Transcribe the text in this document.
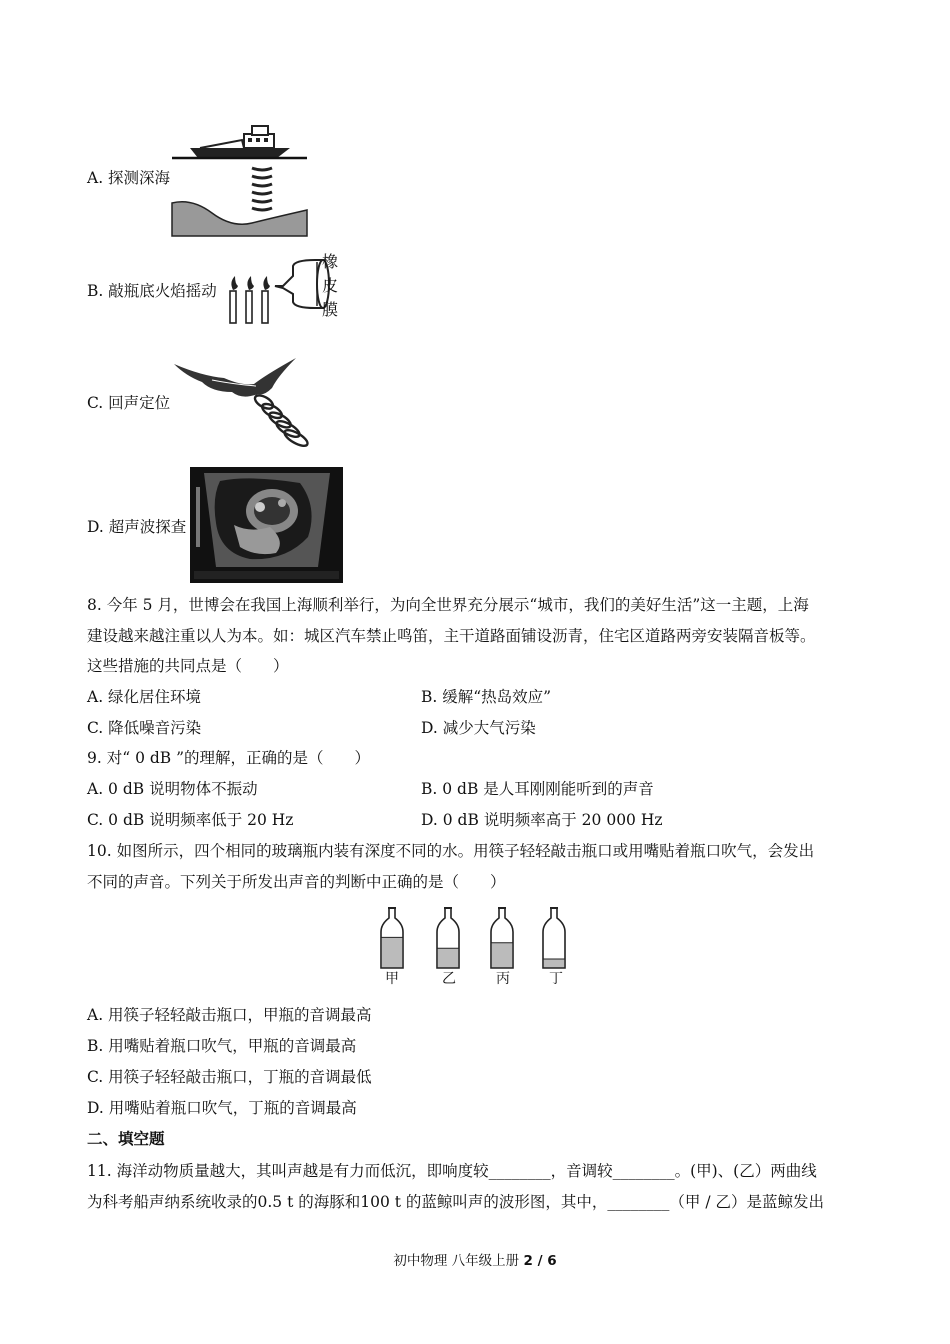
A. 探测深海
B. 敲瓶底火焰摇动
橡 皮 膜
C. 回声定位
D. 超声波探查
8. 今年 5 月，世博会在我国上海顺利举行，为向全世界充分展示“城市，我们的美好生活”这一主题，上海
建设越来越注重以人为本。如：城区汽车禁止鸣笛，主干道路面铺设沥青，住宅区道路两旁安装隔音板等。
这些措施的共同点是（　　）
A. 绿化居住环境	B. 缓解“热岛效应”
C. 降低噪音污染	D. 减少大气污染
9. 对“ 0 dB ”的理解，正确的是（　　）
A. 0 dB 说明物体不振动	B. 0 dB 是人耳刚刚能听到的声音
C. 0 dB 说明频率低于 20 Hz	D. 0 dB 说明频率高于 20 000 Hz
10. 如图所示，四个相同的玻璃瓶内装有深度不同的水。用筷子轻轻敲击瓶口或用嘴贴着瓶口吹气，会发出
不同的声音。下列关于所发出声音的判断中正确的是（　　）
甲	乙	丙	丁
A. 用筷子轻轻敲击瓶口，甲瓶的音调最高
B. 用嘴贴着瓶口吹气，甲瓶的音调最高
C. 用筷子轻轻敲击瓶口，丁瓶的音调最低
D. 用嘴贴着瓶口吹气，丁瓶的音调最高
二、填空题
11. 海洋动物质量越大，其叫声越是有力而低沉，即响度较________，音调较________。(甲)、(乙）两曲线
为科考船声纳系统收录的0.5 t 的海豚和100 t 的蓝鲸叫声的波形图，其中，________（甲 / 乙）是蓝鲸发出
初中物理 八年级上册 2 / 6
